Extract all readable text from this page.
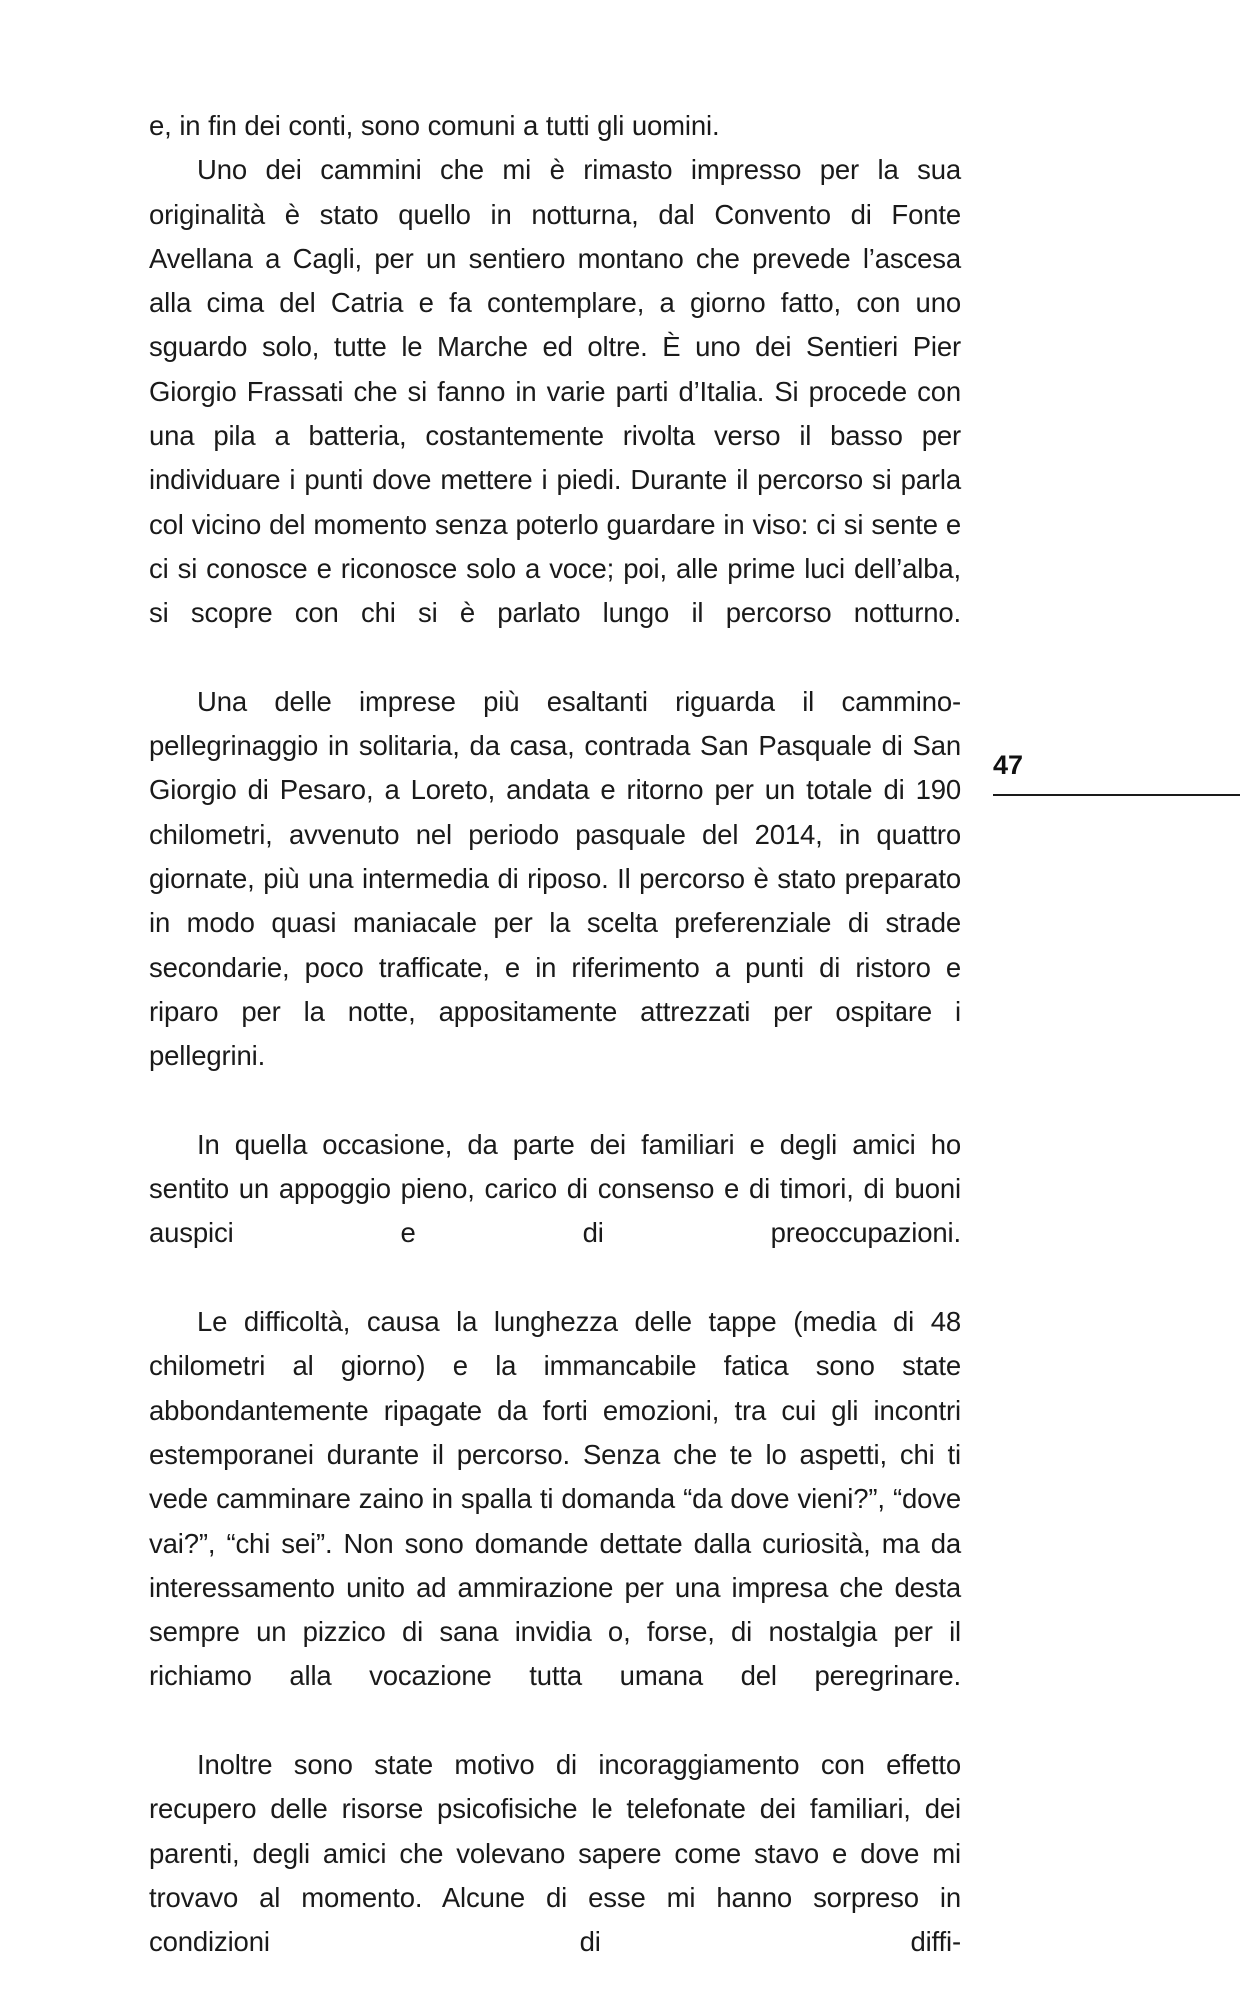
e, in fin dei conti, sono comuni a tutti gli uomini.

Uno dei cammini che mi è rimasto impresso per la sua originalità è stato quello in notturna, dal Convento di Fonte Avellana a Cagli, per un sentiero montano che prevede l’ascesa alla cima del Catria e fa contemplare, a giorno fatto, con uno sguardo solo, tutte le Marche ed oltre. È uno dei Sentieri Pier Giorgio Frassati che si fanno in varie parti d’Italia. Si procede con una pila a batteria, costantemente rivolta verso il basso per individuare i punti dove mettere i piedi. Durante il percorso si parla col vicino del momento senza poterlo guardare in viso: ci si sente e ci si conosce e riconosce solo a voce; poi, alle prime luci dell’alba, si scopre con chi si è parlato lungo il percorso notturno.

Una delle imprese più esaltanti riguarda il cammino-pellegrinaggio in solitaria, da casa, contrada San Pasquale di San Giorgio di Pesaro, a Loreto, andata e ritorno per un totale di 190 chilometri, avvenuto nel periodo pasquale del 2014, in quattro giornate, più una intermedia di riposo. Il percorso è stato preparato in modo quasi maniacale per la scelta preferenziale di strade secondarie, poco trafficate, e in riferimento a punti di ristoro e riparo per la notte, appositamente attrezzati per ospitare i pellegrini.

In quella occasione, da parte dei familiari e degli amici ho sentito un appoggio pieno, carico di consenso e di timori, di buoni auspici e di preoccupazioni.

Le difficoltà, causa la lunghezza delle tappe (media di 48 chilometri al giorno) e la immancabile fatica sono state abbondantemente ripagate da forti emozioni, tra cui gli incontri estemporanei durante il percorso. Senza che te lo aspetti, chi ti vede camminare zaino in spalla ti domanda “da dove vieni?”, “dove vai?”, “chi sei”. Non sono domande dettate dalla curiosità, ma da interessamento unito ad ammirazione per una impresa che desta sempre un pizzico di sana invidia o, forse, di nostalgia per il richiamo alla vocazione tutta umana del peregrinare.

Inoltre sono state motivo di incoraggiamento con effetto recupero delle risorse psicofisiche le telefonate dei familiari, dei parenti, degli amici che volevano sapere come stavo e dove mi trovavo al momento. Alcune di esse mi hanno sorpreso in condizioni di diffi-

47
